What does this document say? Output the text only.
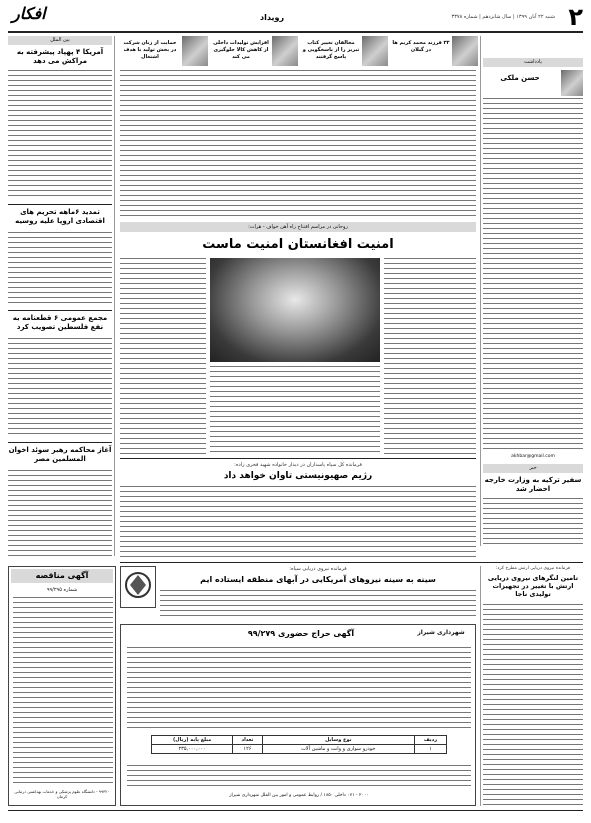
۲
شنبه ۲۲ آبان ۱۳۹۹ | سال شانزدهم | شماره ۳۳۷۸
رویداد
افکار
۳۲ فرزند محمد کریم ها در گیلان
مخالفان تغییر کتاب تبریز را از پاسخگویی و پاسخ گرفتند
افزایش تولیدات داخلی از کاهش کالا جلوگیری می کند
حمایت از زنان شرکت در بخش تولید با هدف اشتغال
بین الملل
آمریکا ۴ پهپاد پیشرفته به مراکش می دهد
تمدید ۶ماهه تحریم های اقتصادی اروپا علیه روسیه
مجمع عمومی ۶ قطعنامه به نفع فلسطین تصویب کرد
آغاز محاکمه رهبر سوئد اخوان المسلمین مصر
یادداشت
حسن ملکی
akhbar@gmail.com
خبر
سفیر ترکیه به وزارت خارجه احضار شد
روحانی در مراسم افتتاح راه آهن خواف - هرات:
امنیت افغانستان امنیت ماست
فرمانده کل سپاه پاسداران در دیدار خانواده شهید فخری زاده:
رژیم صهیونیستی تاوان خواهد داد
آگهی مناقصه
شماره ۹۹/۲۹۵
۹۹۳۲۰ - دانشگاه علوم پزشکی و خدمات بهداشتی درمانی کرمان
فرمانده نیروی دریایی سپاه:
سینه به سینه نیروهای آمریکایی در آبهای منطقه ایستاده ایم
آگهی حراج حضوری ۹۹/۲۷۹	شهرداری شیراز
ردیف	نوع وسایل	تعداد	مبلغ پایه (ریال)
۱	خودرو سواری و وانت و ماشین آلات	۱۲۶	۲۳۵,۰۰۰,۰۰۰
۲۰۰۰ - ۰۷۱ داخلی ۱۸۵۰ / روابط عمومی و امور بین الملل شهرداری شیراز
فرمانده نیروی دریایی ارتش مطرح کرد:
تامین لنگرهای نیروی دریایی ارتش با تغییر در تجهیزات تولیدی ناجا
